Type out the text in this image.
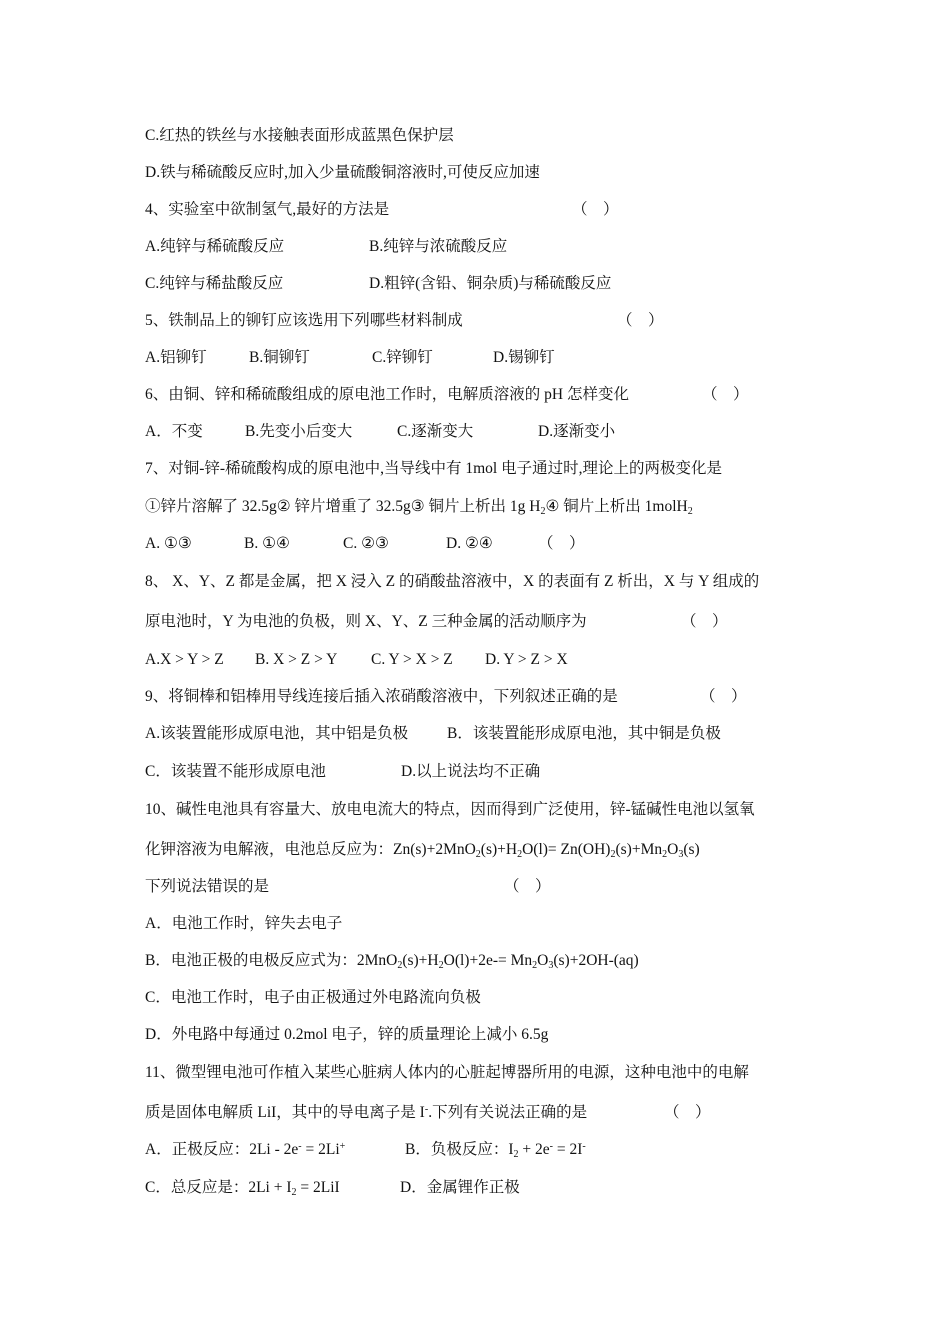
C.红热的铁丝与水接触表面形成蓝黑色保护层
D.铁与稀硫酸反应时,加入少量硫酸铜溶液时,可使反应加速
4、实验室中欲制氢气,最好的方法是	（　）
A.纯锌与稀硫酸反应	B.纯锌与浓硫酸反应
C.纯锌与稀盐酸反应	D.粗锌(含铅、铜杂质)与稀硫酸反应
5、铁制品上的铆钉应该选用下列哪些材料制成	（　）
A.铝铆钉	B.铜铆钉	C.锌铆钉	D.锡铆钉
6、由铜、锌和稀硫酸组成的原电池工作时，电解质溶液的 pH 怎样变化	（　）
A．不变	B.先变小后变大	C.逐渐变大	D.逐渐变小
7、对铜-锌-稀硫酸构成的原电池中,当导线中有 1mol 电子通过时,理论上的两极变化是
①锌片溶解了 32.5g② 锌片增重了 32.5g③ 铜片上析出 1g $H_2④$ 铜片上析出 1molH$_2$
A. ①③	B. ①④	C. ②③	D. ②④	（　）
8、 X、Y、Z 都是金属，把 X 浸入 Z 的硝酸盐溶液中，X 的表面有 Z 析出，X 与 Y 组成的
原电池时，Y 为电池的负极，则 X、Y、Z 三种金属的活动顺序为	（　）
A.X > Y > Z B. X > Z > Y C. Y > X > Z D. Y > Z > X
9、将铜棒和铝棒用导线连接后插入浓硝酸溶液中，下列叙述正确的是	（　）
A.该装置能形成原电池，其中铝是负极	B．该装置能形成原电池，其中铜是负极
C．该装置不能形成原电池	D.以上说法均不正确
10、碱性电池具有容量大、放电电流大的特点，因而得到广泛使用，锌-锰碱性电池以氢氧
化钾溶液为电解液，电池总反应为：$Zn(s)+2MnO_2(s)+H_2O(l)= Zn(OH)_2(s)+Mn_2O_3(s)$
下列说法错误的是	（　）
A．电池工作时，锌失去电子
B．电池正极的电极反应式为：$2MnO_2(s)+H_2O(l)+2e-= Mn_2O_3(s)+2OH-(aq)$
C．电池工作时，电子由正极通过外电路流向负极
D．外电路中每通过 0.2mol 电子，锌的质量理论上减小 6.5g
11、微型锂电池可作植入某些心脏病人体内的心脏起博器所用的电源，这种电池中的电解
质是固体电解质 LiI，其中的导电离子是 I-.下列有关说法正确的是	（　）
A．正极反应：2Li - 2e- = 2Li+	B．负极反应：$I_2 + 2e^- = 2I^-$
C．总反应是：$2Li + I_2 = 2LiI$	D．金属锂作正极
